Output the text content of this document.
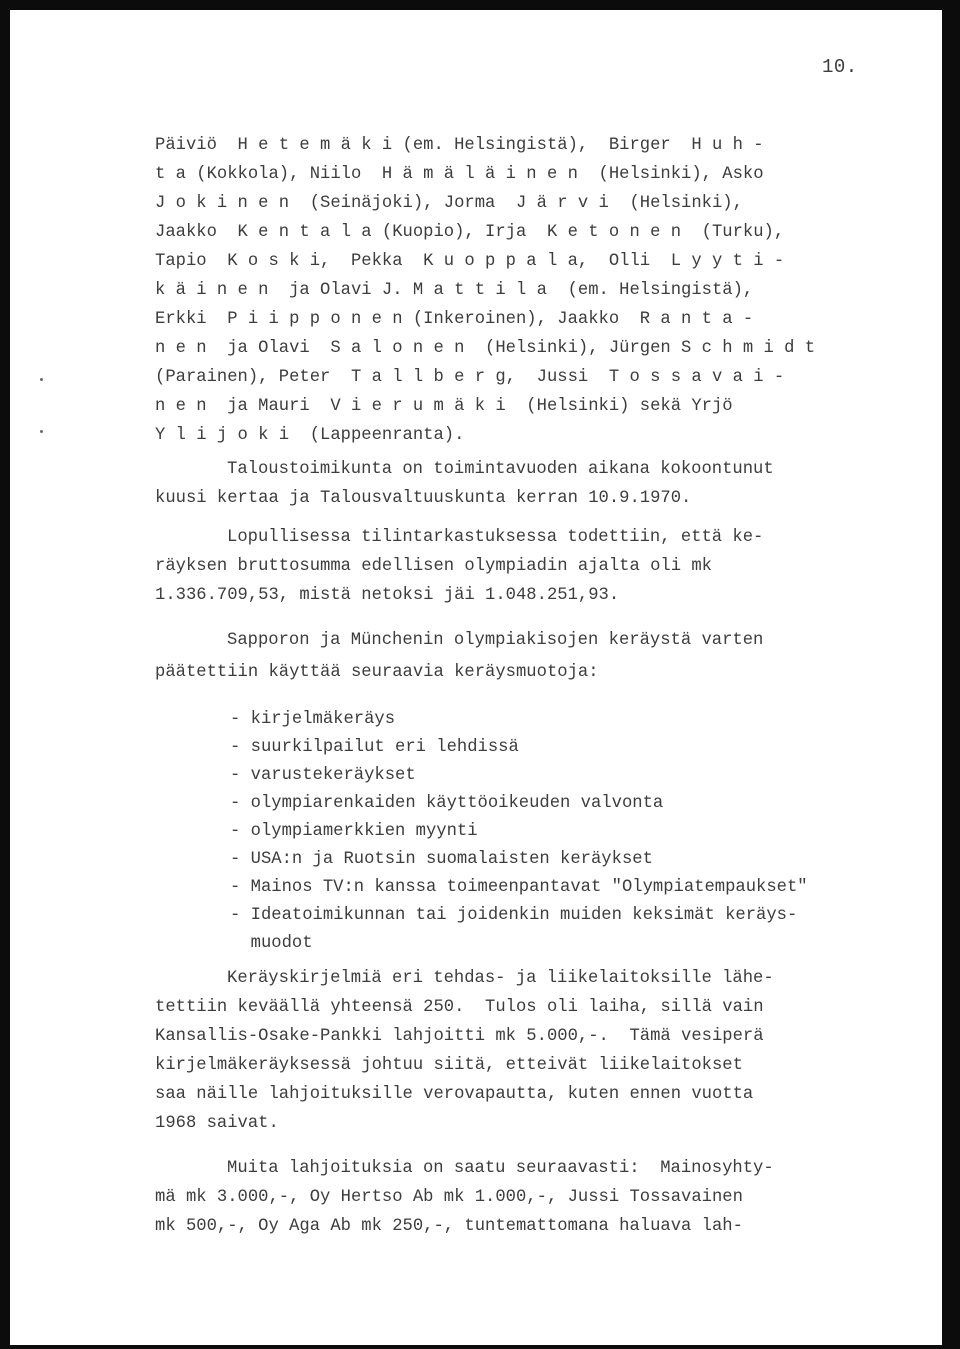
10.

Päiviö  H e t e m ä k i (em. Helsingistä),  Birger  H u h -

t a (Kokkola), Niilo  H ä m ä l ä i n e n  (Helsinki), Asko

J o k i n e n  (Seinäjoki), Jorma  J ä r v i  (Helsinki),

Jaakko  K e n t a l a (Kuopio), Irja  K e t o n e n  (Turku),

Tapio  K o s k i,  Pekka  K u o p p a l a,  Olli  L y y t i -

k ä i n e n  ja Olavi J. M a t t i l a  (em. Helsingistä),

Erkki  P i i p p o n e n (Inkeroinen), Jaakko  R a n t a -

n e n  ja Olavi  S a l o n e n  (Helsinki), Jürgen S c h m i d t

(Parainen), Peter  T a l l b e r g,  Jussi  T o s s a v a i -

n e n  ja Mauri  V i e r u m ä k i  (Helsinki) sekä Yrjö

Y l i j o k i  (Lappeenranta).

Taloustoimikunta on toimintavuoden aikana kokoontunut

kuusi kertaa ja Talousvaltuuskunta kerran 10.9.1970.

Lopullisessa tilintarkastuksessa todettiin, että ke-

räyksen bruttosumma edellisen olympiadin ajalta oli mk

1.336.709,53, mistä netoksi jäi 1.048.251,93.

Sapporon ja Münchenin olympiakisojen keräystä varten

päätettiin käyttää seuraavia keräysmuotoja:

- kirjelmäkeräys

- suurkilpailut eri lehdissä

- varustekeräykset

- olympiarenkaiden käyttöoikeuden valvonta

- olympiamerkkien myynti

- USA:n ja Ruotsin suomalaisten keräykset

- Mainos TV:n kanssa toimeenpantavat "Olympiatempaukset"

- Ideatoimikunnan tai joidenkin muiden keksimät keräys-

muodot

Keräyskirjelmiä eri tehdas- ja liikelaitoksille lähe-

tettiin keväällä yhteensä 250.  Tulos oli laiha, sillä vain

Kansallis-Osake-Pankki lahjoitti mk 5.000,-.  Tämä vesiperä

kirjelmäkeräyksessä johtuu siitä, etteivät liikelaitokset

saa näille lahjoituksille verovapautta, kuten ennen vuotta

1968 saivat.

Muita lahjoituksia on saatu seuraavasti:  Mainosyhty-

mä mk 3.000,-, Oy Hertso Ab mk 1.000,-, Jussi Tossavainen

mk 500,-, Oy Aga Ab mk 250,-, tuntemattomana haluava lah-
